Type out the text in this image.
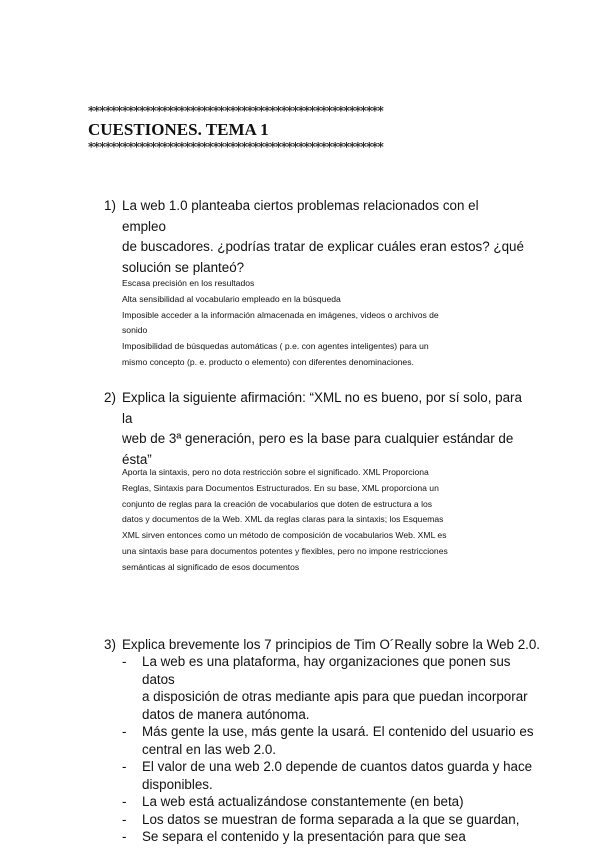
****************************************************
CUESTIONES. TEMA 1
****************************************************
1) La web 1.0 planteaba ciertos problemas relacionados con el empleo
de buscadores. ¿podrías tratar de explicar cuáles eran estos? ¿qué
solución se planteó?
Escasa precisión en los resultados
Alta sensibilidad al vocabulario empleado en la búsqueda
Imposible acceder a la información almacenada en imágenes, videos o archivos de
sonido
Imposibilidad de búsquedas automáticas ( p.e. con agentes inteligentes) para un
mismo concepto (p. e. producto o elemento) con diferentes denominaciones.
2) Explica la siguiente afirmación: “XML no es bueno, por sí solo, para la
web de 3ª generación, pero es la base para cualquier estándar de
ésta”
Aporta la sintaxis, pero no dota restricción sobre el significado. XML Proporciona
Reglas, Sintaxis para Documentos Estructurados. En su base, XML proporciona un
conjunto de reglas para la creación de vocabularios que doten de estructura a los
datos y documentos de la Web. XML da reglas claras para la sintaxis; los Esquemas
XML sirven entonces como un método de composición de vocabularios Web. XML es
una sintaxis base para documentos potentes y flexibles, pero no impone restricciones
semánticas al significado de esos documentos
3) Explica brevemente los 7 principios de Tim O´Really sobre la Web 2.0.
- La web es una plataforma, hay organizaciones que ponen sus datos
a disposición de otras mediante apis para que puedan incorporar
datos de manera autónoma.
- Más gente la use, más gente la usará. El contenido del usuario es
central en las web 2.0.
- El valor de una web 2.0 depende de cuantos datos guarda y hace
disponibles.
- La web está actualizándose constantemente (en beta)
- Los datos se muestran de forma separada a la que se guardan,
- Se separa el contenido y la presentación para que sea
